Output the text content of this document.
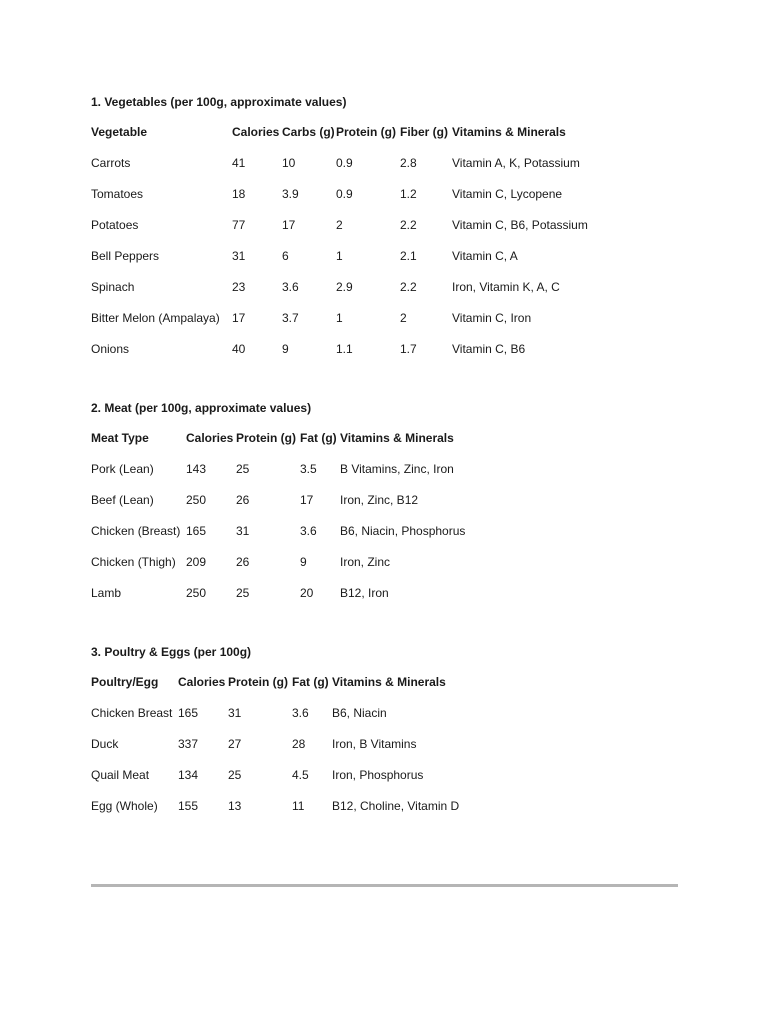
1. Vegetables (per 100g, approximate values)

Vegetable	Calories	Carbs (g)	Protein (g)	Fiber (g)	Vitamins & Minerals
Carrots	41	10	0.9	2.8	Vitamin A, K, Potassium
Tomatoes	18	3.9	0.9	1.2	Vitamin C, Lycopene
Potatoes	77	17	2	2.2	Vitamin C, B6, Potassium
Bell Peppers	31	6	1	2.1	Vitamin C, A
Spinach	23	3.6	2.9	2.2	Iron, Vitamin K, A, C
Bitter Melon (Ampalaya)	17	3.7	1	2	Vitamin C, Iron
Onions	40	9	1.1	1.7	Vitamin C, B6

2. Meat (per 100g, approximate values)

Meat Type	Calories	Protein (g)	Fat (g)	Vitamins & Minerals
Pork (Lean)	143	25	3.5	B Vitamins, Zinc, Iron
Beef (Lean)	250	26	17	Iron, Zinc, B12
Chicken (Breast)	165	31	3.6	B6, Niacin, Phosphorus
Chicken (Thigh)	209	26	9	Iron, Zinc
Lamb	250	25	20	B12, Iron

3. Poultry & Eggs (per 100g)

Poultry/Egg	Calories	Protein (g)	Fat (g)	Vitamins & Minerals
Chicken Breast	165	31	3.6	B6, Niacin
Duck	337	27	28	Iron, B Vitamins
Quail Meat	134	25	4.5	Iron, Phosphorus
Egg (Whole)	155	13	11	B12, Choline, Vitamin D
